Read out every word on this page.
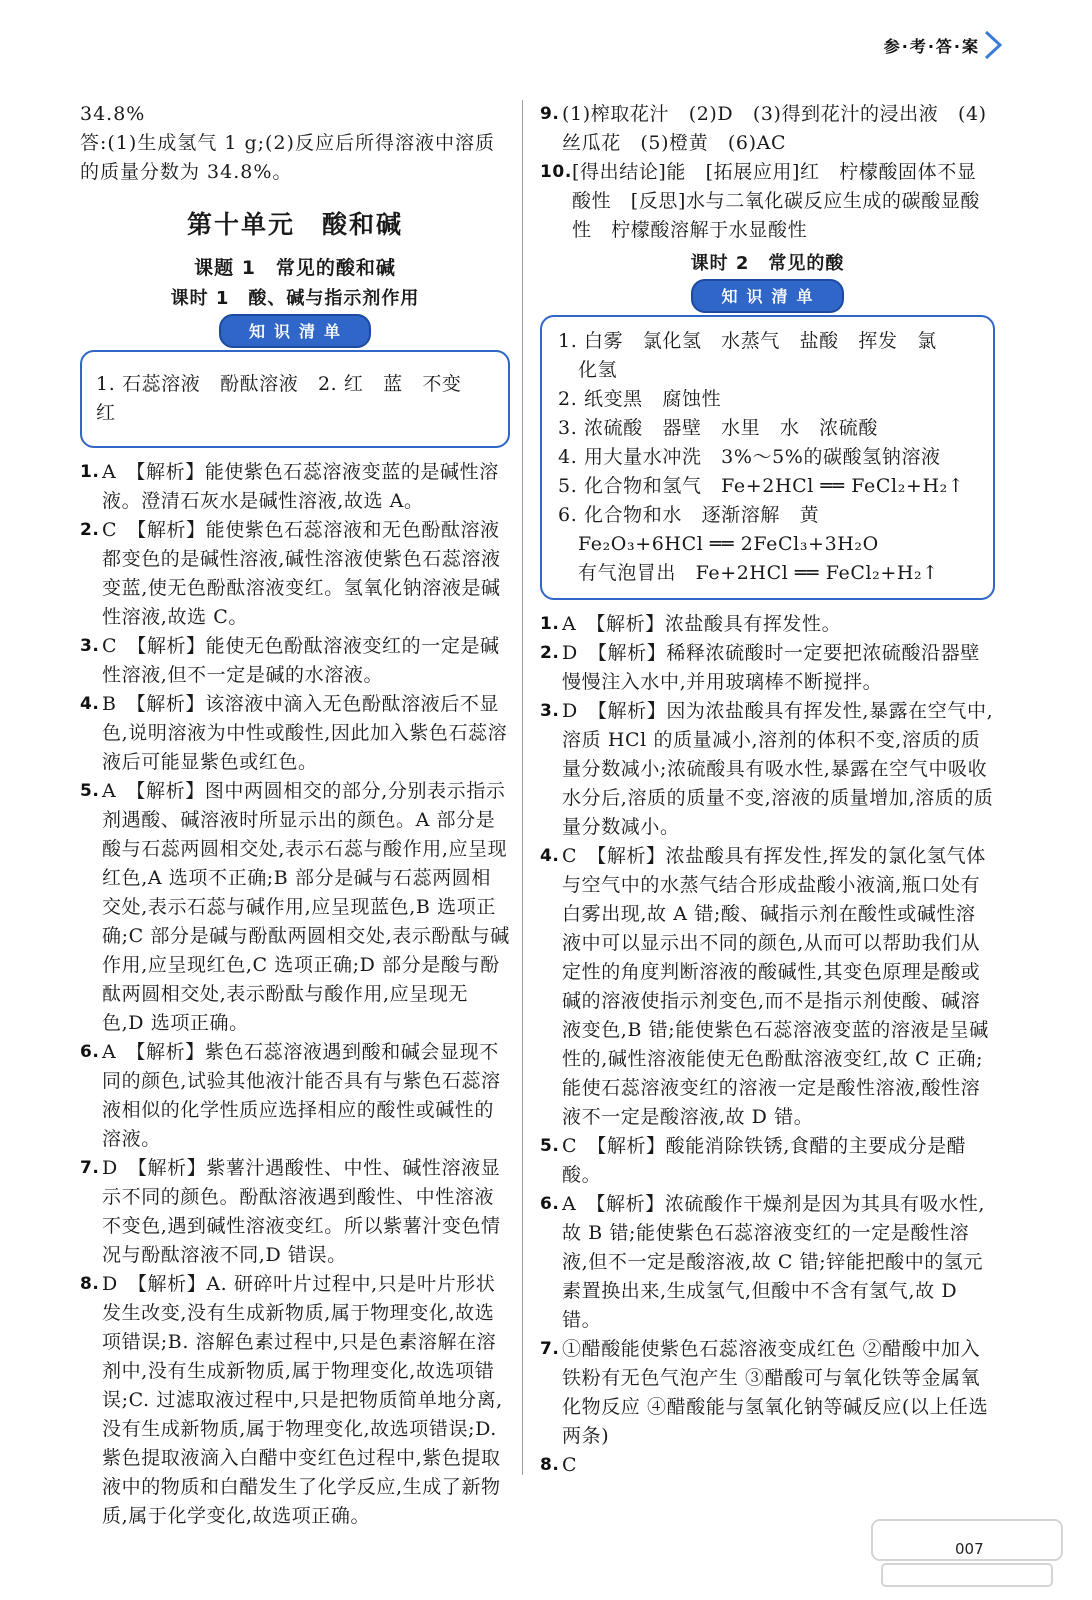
参·考·答·案
34.8%
答:(1)生成氢气 1 g;(2)反应后所得溶液中溶质的质量分数为 34.8%。
第十单元　酸和碱
课题 1　常见的酸和碱
课时 1　酸、碱与指示剂作用
知识清单
1. 石蕊溶液　酚酞溶液　2. 红　蓝　不变　红
1. A　【解析】能使紫色石蕊溶液变蓝的是碱性溶液。澄清石灰水是碱性溶液,故选 A。
2. C　【解析】能使紫色石蕊溶液和无色酚酞溶液都变色的是碱性溶液,碱性溶液使紫色石蕊溶液变蓝,使无色酚酞溶液变红。氢氧化钠溶液是碱性溶液,故选 C。
3. C　【解析】能使无色酚酞溶液变红的一定是碱性溶液,但不一定是碱的水溶液。
4. B　【解析】该溶液中滴入无色酚酞溶液后不显色,说明溶液为中性或酸性,因此加入紫色石蕊溶液后可能显紫色或红色。
5. A　【解析】图中两圆相交的部分,分别表示指示剂遇酸、碱溶液时所显示出的颜色。A 部分是酸与石蕊两圆相交处,表示石蕊与酸作用,应呈现红色,A 选项不正确;B 部分是碱与石蕊两圆相交处,表示石蕊与碱作用,应呈现蓝色,B 选项正确;C 部分是碱与酚酞两圆相交处,表示酚酞与碱作用,应呈现红色,C 选项正确;D 部分是酸与酚酞两圆相交处,表示酚酞与酸作用,应呈现无色,D 选项正确。
6. A　【解析】紫色石蕊溶液遇到酸和碱会显现不同的颜色,试验其他液汁能否具有与紫色石蕊溶液相似的化学性质应选择相应的酸性或碱性的溶液。
7. D　【解析】紫薯汁遇酸性、中性、碱性溶液显示不同的颜色。酚酞溶液遇到酸性、中性溶液不变色,遇到碱性溶液变红。所以紫薯汁变色情况与酚酞溶液不同,D 错误。
8. D　【解析】A. 研碎叶片过程中,只是叶片形状发生改变,没有生成新物质,属于物理变化,故选项错误;B. 溶解色素过程中,只是色素溶解在溶剂中,没有生成新物质,属于物理变化,故选项错误;C. 过滤取液过程中,只是把物质简单地分离,没有生成新物质,属于物理变化,故选项错误;D. 紫色提取液滴入白醋中变红色过程中,紫色提取液中的物质和白醋发生了化学反应,生成了新物质,属于化学变化,故选项正确。
9. (1)榨取花汁　(2)D　(3)得到花汁的浸出液　(4)丝瓜花　(5)橙黄　(6)AC
10. [得出结论]能　[拓展应用]红　柠檬酸固体不显酸性　[反思]水与二氧化碳反应生成的碳酸显酸性　柠檬酸溶解于水显酸性
课时 2　常见的酸
知识清单
1. 白雾　氯化氢　水蒸气　盐酸　挥发　氯
化氢
2. 纸变黑　腐蚀性
3. 浓硫酸　器壁　水里　水　浓硫酸
4. 用大量水冲洗　3%～5%的碳酸氢钠溶液
5. 化合物和氢气　Fe+2HCl ══ FeCl₂+H₂↑
6. 化合物和水　逐渐溶解　黄
Fe₂O₃+6HCl ══ 2FeCl₃+3H₂O
有气泡冒出　Fe+2HCl ══ FeCl₂+H₂↑
1. A　【解析】浓盐酸具有挥发性。
2. D　【解析】稀释浓硫酸时一定要把浓硫酸沿器壁慢慢注入水中,并用玻璃棒不断搅拌。
3. D　【解析】因为浓盐酸具有挥发性,暴露在空气中,溶质 HCl 的质量减小,溶剂的体积不变,溶质的质量分数减小;浓硫酸具有吸水性,暴露在空气中吸收水分后,溶质的质量不变,溶液的质量增加,溶质的质量分数减小。
4. C　【解析】浓盐酸具有挥发性,挥发的氯化氢气体与空气中的水蒸气结合形成盐酸小液滴,瓶口处有白雾出现,故 A 错;酸、碱指示剂在酸性或碱性溶液中可以显示出不同的颜色,从而可以帮助我们从定性的角度判断溶液的酸碱性,其变色原理是酸或碱的溶液使指示剂变色,而不是指示剂使酸、碱溶液变色,B 错;能使紫色石蕊溶液变蓝的溶液是呈碱性的,碱性溶液能使无色酚酞溶液变红,故 C 正确;能使石蕊溶液变红的溶液一定是酸性溶液,酸性溶液不一定是酸溶液,故 D 错。
5. C　【解析】酸能消除铁锈,食醋的主要成分是醋酸。
6. A　【解析】浓硫酸作干燥剂是因为其具有吸水性,故 B 错;能使紫色石蕊溶液变红的一定是酸性溶液,但不一定是酸溶液,故 C 错;锌能把酸中的氢元素置换出来,生成氢气,但酸中不含有氢气,故 D 错。
7. ①醋酸能使紫色石蕊溶液变成红色 ②醋酸中加入铁粉有无色气泡产生 ③醋酸可与氧化铁等金属氧化物反应 ④醋酸能与氢氧化钠等碱反应(以上任选两条)
8. C
007
